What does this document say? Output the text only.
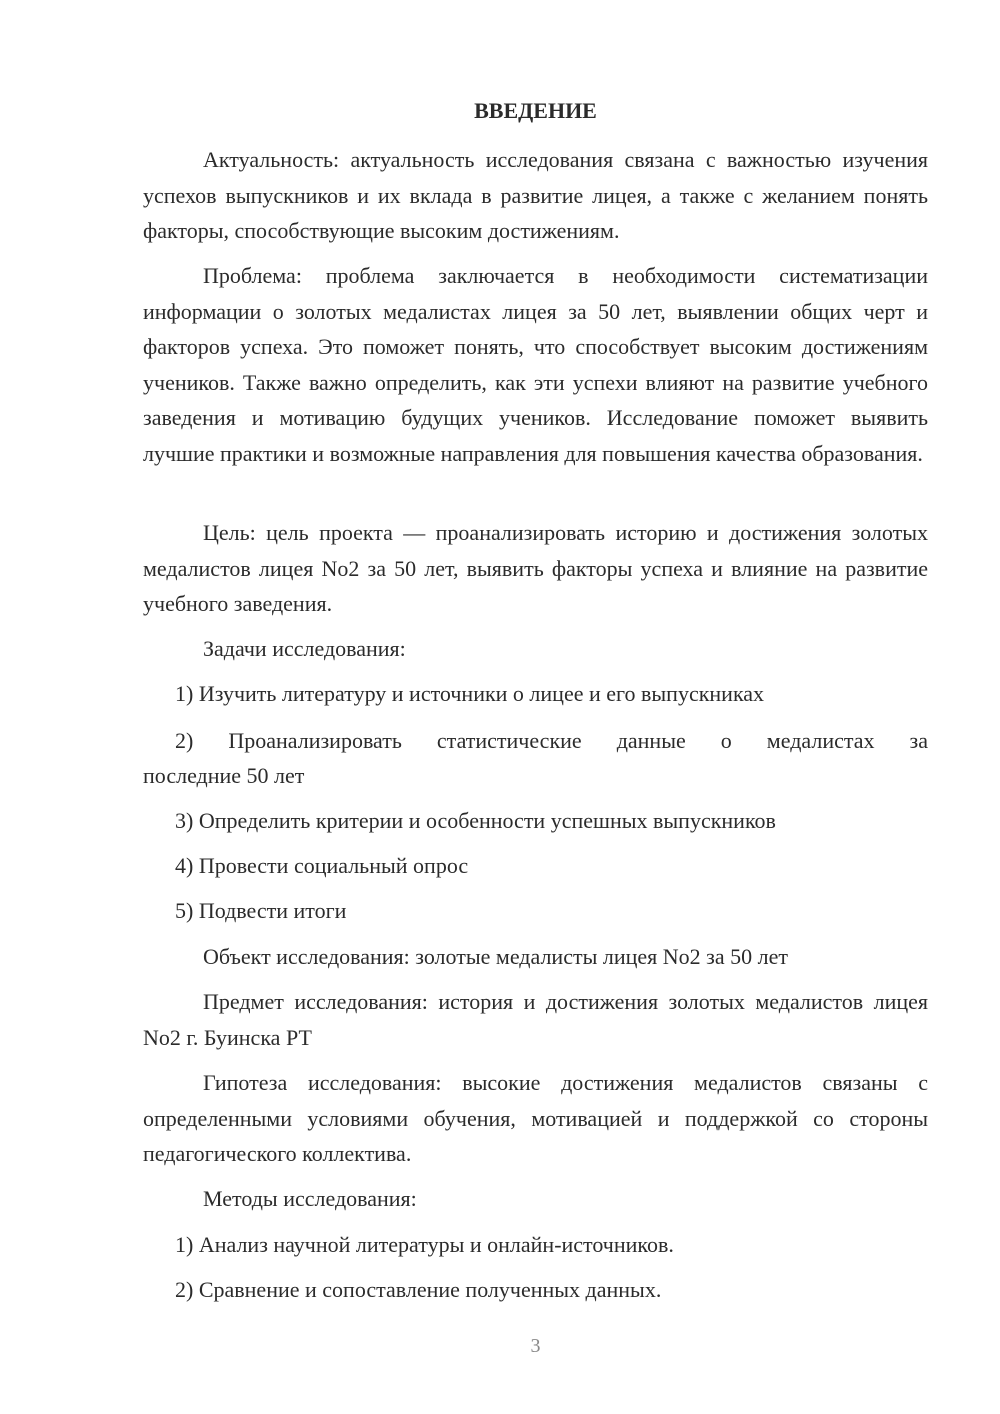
ВВЕДЕНИЕ

Актуальность: актуальность исследования связана с важностью изучения успехов выпускников и их вклада в развитие лицея, а также с желанием понять факторы, способствующие высоким достижениям.

Проблема: проблема заключается в необходимости систематизации информации о золотых медалистах лицея за 50 лет, выявлении общих черт и факторов успеха. Это поможет понять, что способствует высоким достижениям учеников. Также важно определить, как эти успехи влияют на развитие учебного заведения и мотивацию будущих учеников. Исследование поможет выявить лучшие практики и возможные направления для повышения качества образования.

Цель: цель проекта — проанализировать историю и достижения золотых медалистов лицея No2 за 50 лет, выявить факторы успеха и влияние на развитие учебного заведения.

Задачи исследования:

1) Изучить литературу и источники о лицее и его выпускниках

2) Проанализировать статистические данные о медалистах за

последние 50 лет

3) Определить критерии и особенности успешных выпускников

4) Провести социальный опрос

5) Подвести итоги

Объект исследования: золотые медалисты лицея No2 за 50 лет

Предмет исследования: история и достижения золотых медалистов лицея No2 г. Буинска РТ

Гипотеза исследования: высокие достижения медалистов связаны с определенными условиями обучения, мотивацией и поддержкой со стороны педагогического коллектива.

Методы исследования:

1) Анализ научной литературы и онлайн-источников.

2) Сравнение и сопоставление полученных данных.

3
